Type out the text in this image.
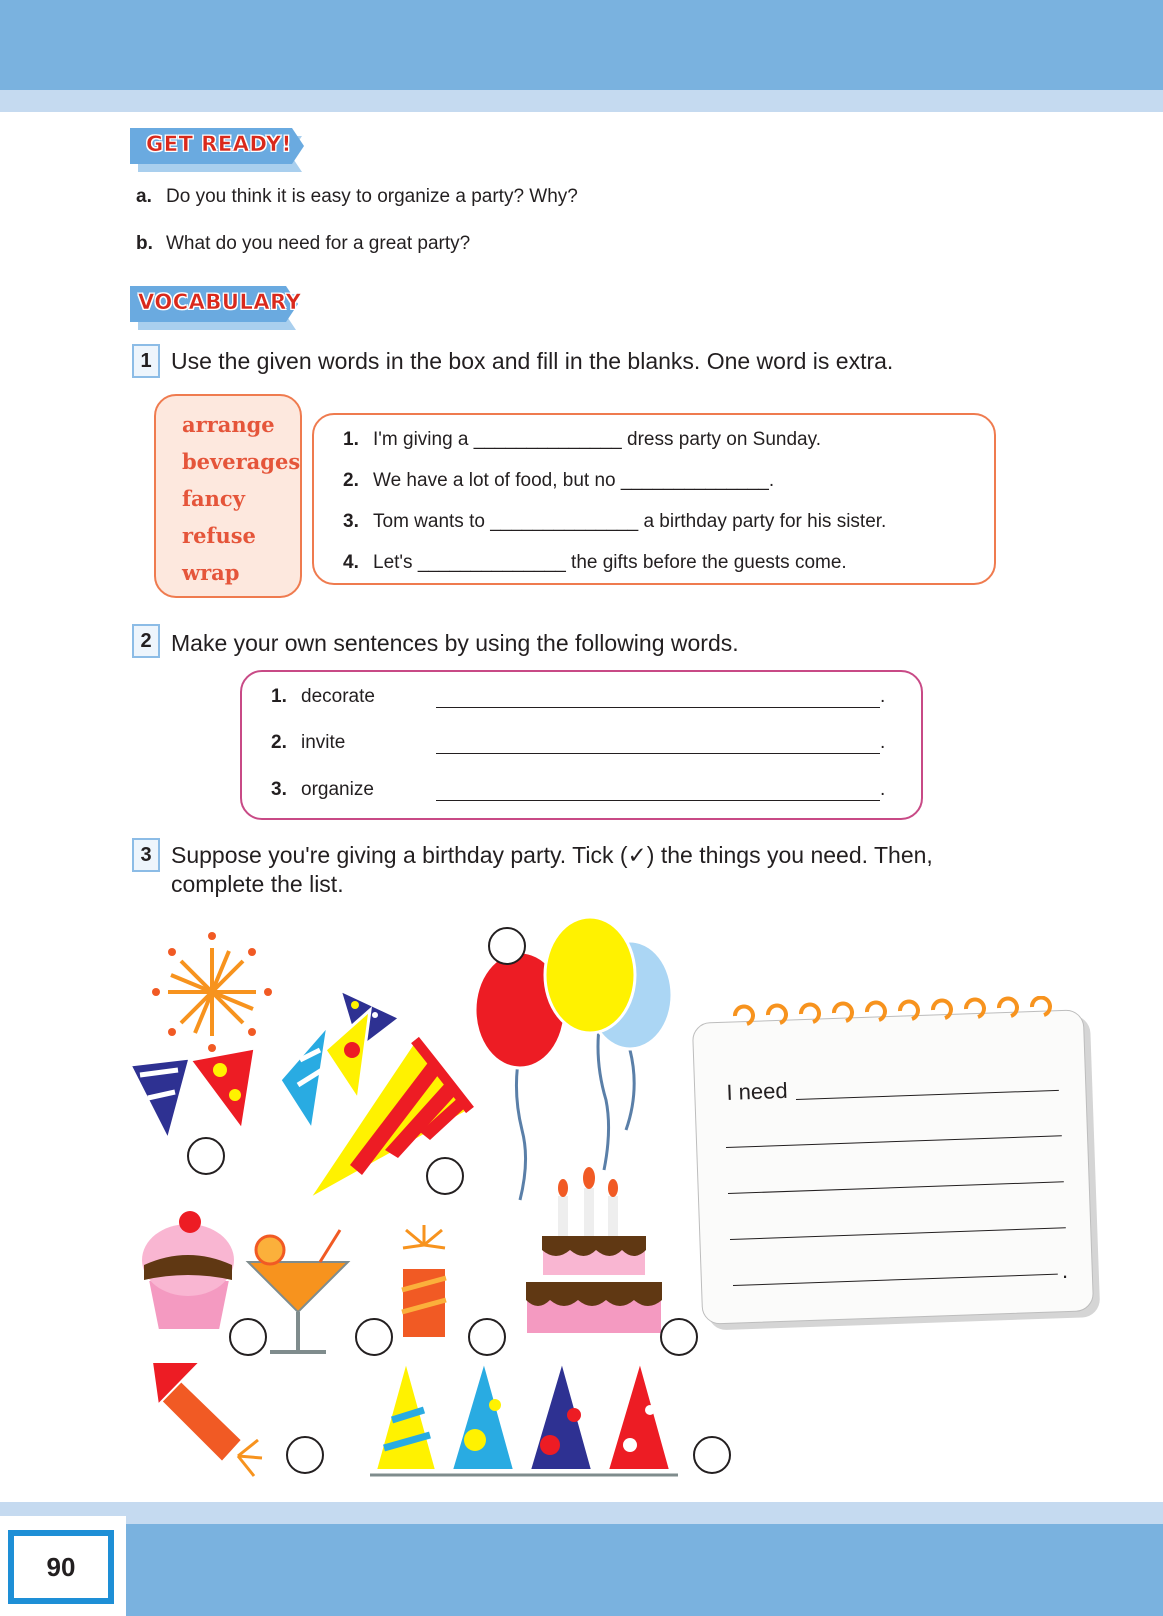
90
GET READY!
a. Do you think it is easy to organize a party? Why?
b. What do you need for a great party?
VOCABULARY
1 Use the given words in the box and fill in the blanks. One word is extra.
arrange
beverages
fancy
refuse
wrap
1. I'm giving a ______________ dress party on Sunday.
2. We have a lot of food, but no ______________.
3. Tom wants to ______________ a birthday party for his sister.
4. Let's ______________ the gifts before the guests come.
2 Make your own sentences by using the following words.
1. decorate	.
2. invite	.
3. organize	.
3 Suppose you're giving a birthday party. Tick (✓) the things you need. Then,
complete the list.
I need
.
